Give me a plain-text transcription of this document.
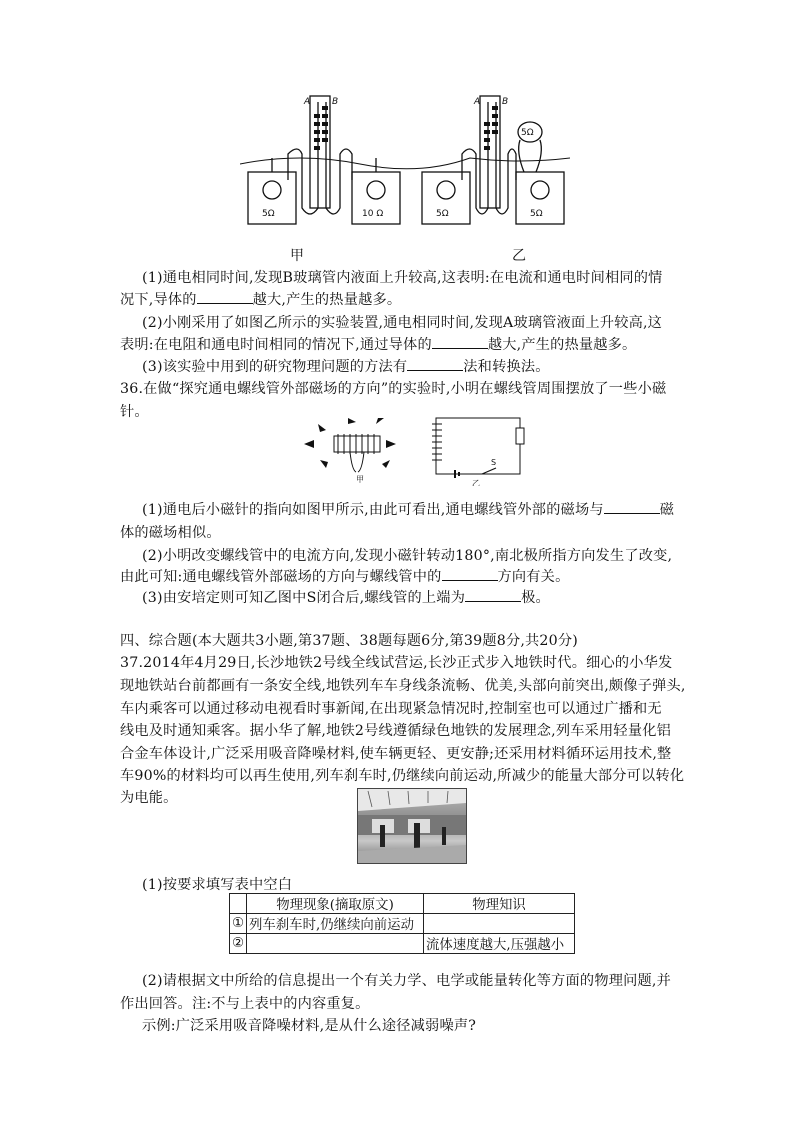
A B	A B
5Ω	10 Ω	5Ω	5Ω
5Ω
甲	乙
(1)通电相同时间,发现B玻璃管内液面上升较高,这表明:在电流和通电时间相同的情
况下,导体的	越大,产生的热量越多。
(2)小刚采用了如图乙所示的实验装置,通电相同时间,发现A玻璃管液面上升较高,这
表明:在电阻和通电时间相同的情况下,通过导体的	越大,产生的热量越多。
(3)该实验中用到的研究物理问题的方法有	法和转换法。
36.在做“探究通电螺线管外部磁场的方向”的实验时,小明在螺线管周围摆放了一些小磁
针。
甲	乙
S
(1)通电后小磁针的指向如图甲所示,由此可看出,通电螺线管外部的磁场与	磁
体的磁场相似。
(2)小明改变螺线管中的电流方向,发现小磁针转动180°,南北极所指方向发生了改变,
由此可知:通电螺线管外部磁场的方向与螺线管中的	方向有关。
(3)由安培定则可知乙图中S闭合后,螺线管的上端为	极。
四、综合题(本大题共3小题,第37题、38题每题6分,第39题8分,共20分)
37.2014年4月29日,长沙地铁2号线全线试营运,长沙正式步入地铁时代。细心的小华发
现地铁站台前都画有一条安全线,地铁列车车身线条流畅、优美,头部向前突出,颇像子弹头,
车内乘客可以通过移动电视看时事新闻,在出现紧急情况时,控制室也可以通过广播和无
线电及时通知乘客。据小华了解,地铁2号线遵循绿色地铁的发展理念,列车采用轻量化铝
合金车体设计,广泛采用吸音降噪材料,使车辆更轻、更安静;还采用材料循环运用技术,整
车90%的材料均可以再生使用,列车刹车时,仍继续向前运动,所减少的能量大部分可以转化
为电能。
(1)按要求填写表中空白
	物理现象(摘取原文)	物理知识
①	列车刹车时,仍继续向前运动	
②		流体速度越大,压强越小
(2)请根据文中所给的信息提出一个有关力学、电学或能量转化等方面的物理问题,并
作出回答。注:不与上表中的内容重复。
示例:广泛采用吸音降噪材料,是从什么途径减弱噪声?
